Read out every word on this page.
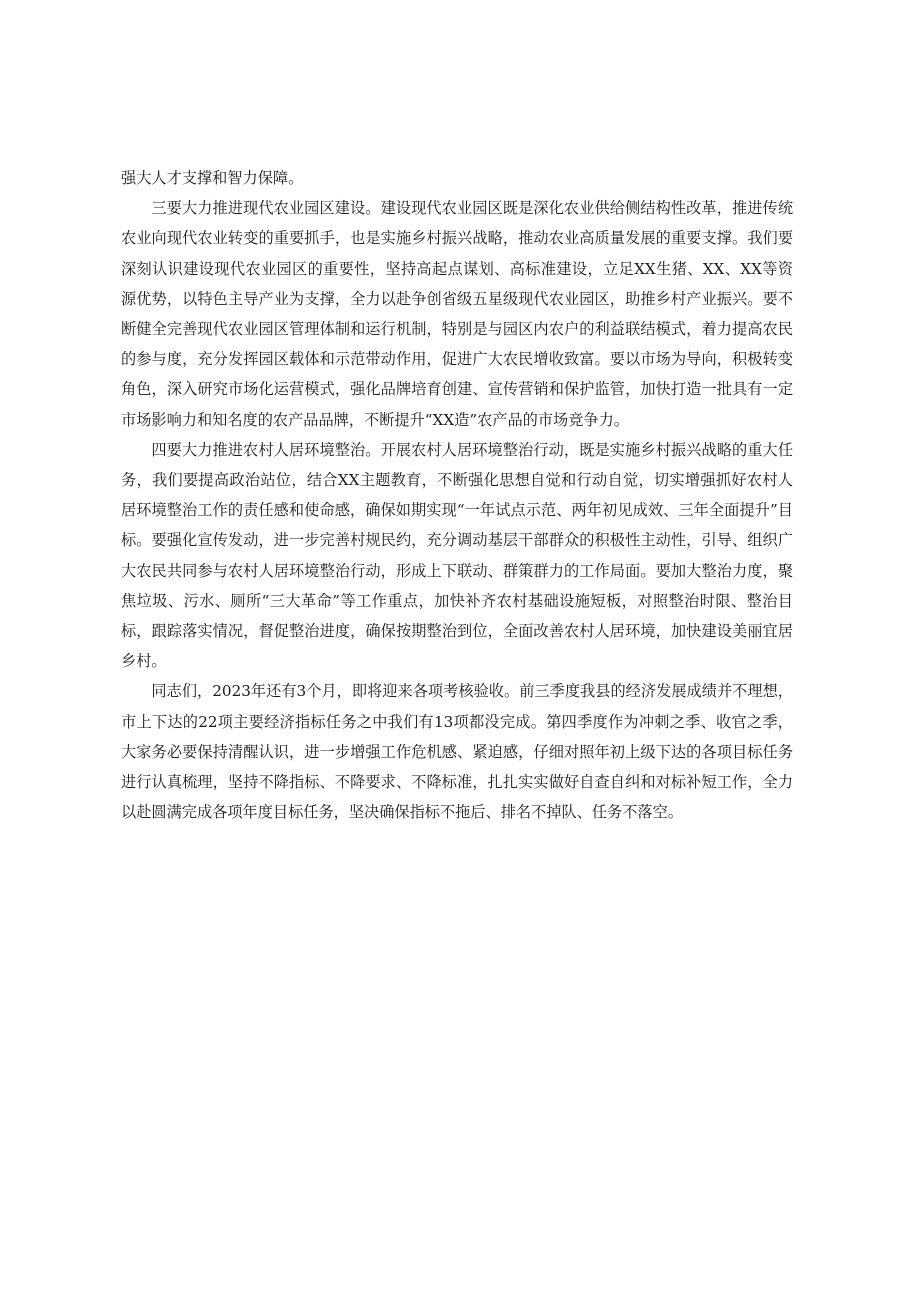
强大人才支撑和智力保障。

三要大力推进现代农业园区建设。建设现代农业园区既是深化农业供给侧结构性改革，推进传统农业向现代农业转变的重要抓手，也是实施乡村振兴战略，推动农业高质量发展的重要支撑。我们要深刻认识建设现代农业园区的重要性，坚持高起点谋划、高标准建设，立足XX生猪、XX、XX等资源优势，以特色主导产业为支撑，全力以赴争创省级五星级现代农业园区，助推乡村产业振兴。要不断健全完善现代农业园区管理体制和运行机制，特别是与园区内农户的利益联结模式，着力提高农民的参与度，充分发挥园区载体和示范带动作用，促进广大农民增收致富。要以市场为导向，积极转变角色，深入研究市场化运营模式，强化品牌培育创建、宣传营销和保护监管，加快打造一批具有一定市场影响力和知名度的农产品品牌，不断提升“XX造”农产品的市场竞争力。

四要大力推进农村人居环境整治。开展农村人居环境整治行动，既是实施乡村振兴战略的重大任务，我们要提高政治站位，结合XX主题教育，不断强化思想自觉和行动自觉，切实增强抓好农村人居环境整治工作的责任感和使命感，确保如期实现“一年试点示范、两年初见成效、三年全面提升”目标。要强化宣传发动，进一步完善村规民约，充分调动基层干部群众的积极性主动性，引导、组织广大农民共同参与农村人居环境整治行动，形成上下联动、群策群力的工作局面。要加大整治力度，聚焦垃圾、污水、厕所“三大革命”等工作重点，加快补齐农村基础设施短板，对照整治时限、整治目标，跟踪落实情况，督促整治进度，确保按期整治到位，全面改善农村人居环境，加快建设美丽宜居乡村。

同志们，2023年还有3个月，即将迎来各项考核验收。前三季度我县的经济发展成绩并不理想，市上下达的22项主要经济指标任务之中我们有13项都没完成。第四季度作为冲刺之季、收官之季，大家务必要保持清醒认识，进一步增强工作危机感、紧迫感，仔细对照年初上级下达的各项目标任务进行认真梳理，坚持不降指标、不降要求、不降标准，扎扎实实做好自查自纠和对标补短工作，全力以赴圆满完成各项年度目标任务，坚决确保指标不拖后、排名不掉队、任务不落空。
